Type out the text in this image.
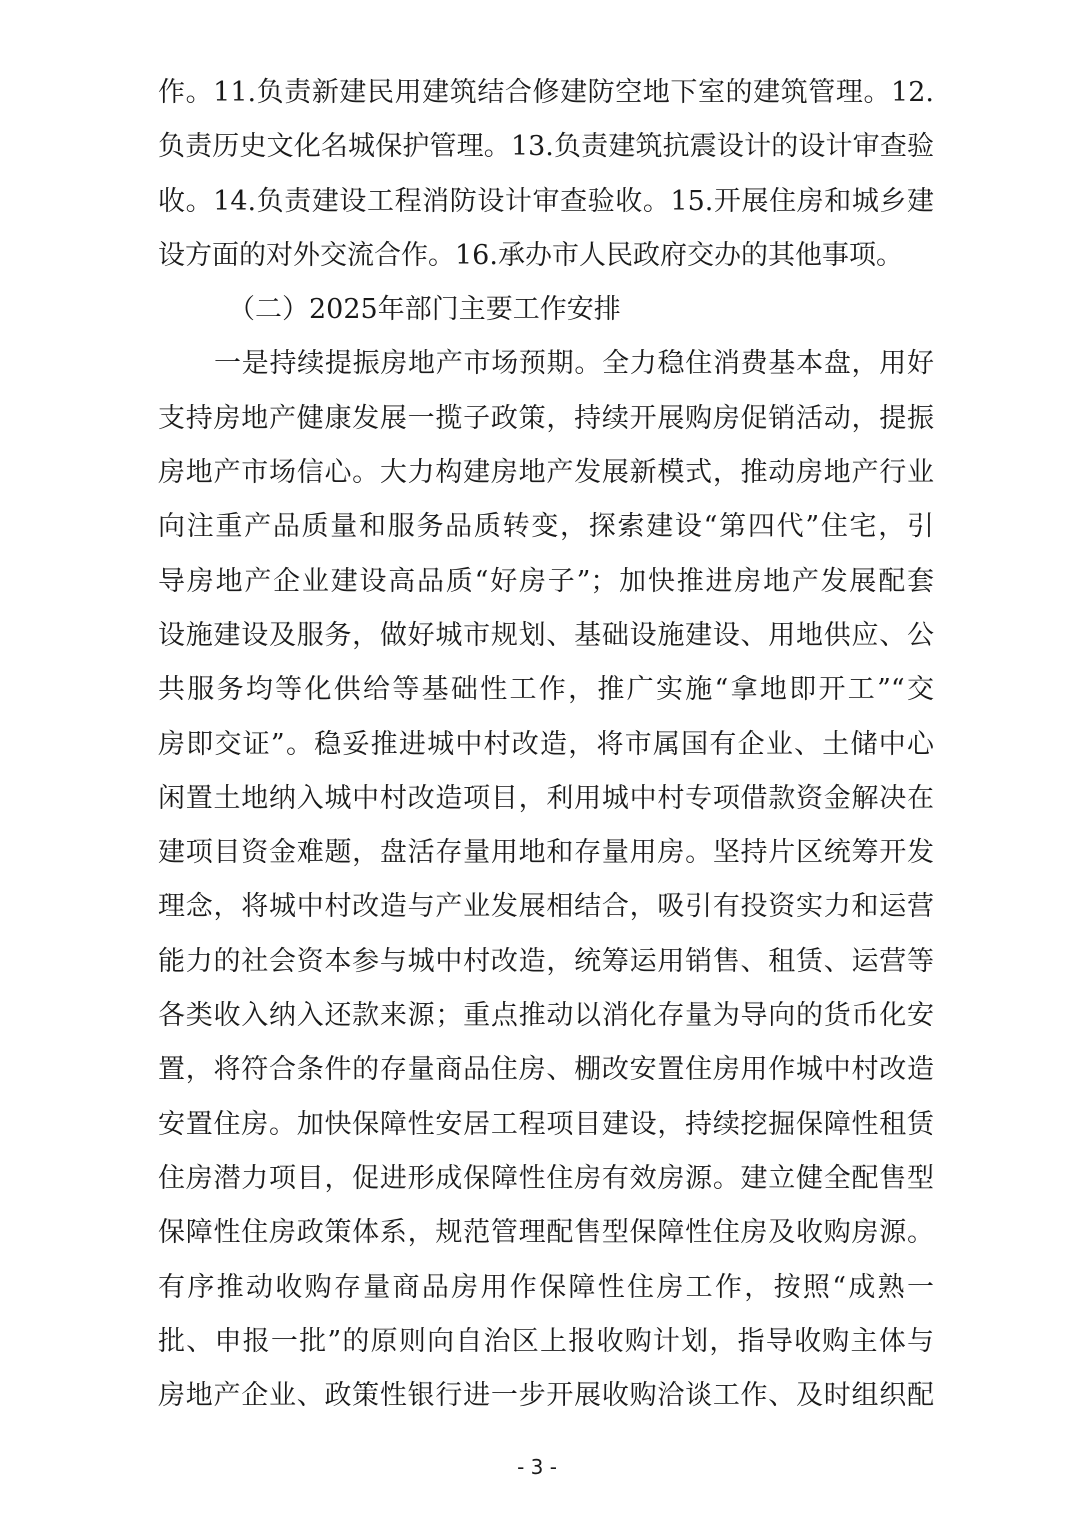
作。11.负责新建民用建筑结合修建防空地下室的建筑管理。12.
负责历史文化名城保护管理。13.负责建筑抗震设计的设计审查验
收。14.负责建设工程消防设计审查验收。15.开展住房和城乡建
设方面的对外交流合作。16.承办市人民政府交办的其他事项。
（二）2025年部门主要工作安排
一是持续提振房地产市场预期。全力稳住消费基本盘，用好
支持房地产健康发展一揽子政策，持续开展购房促销活动，提振
房地产市场信心。大力构建房地产发展新模式，推动房地产行业
向注重产品质量和服务品质转变，探索建设“第四代”住宅，引
导房地产企业建设高品质“好房子”；加快推进房地产发展配套
设施建设及服务，做好城市规划、基础设施建设、用地供应、公
共服务均等化供给等基础性工作，推广实施“拿地即开工”“交
房即交证”。稳妥推进城中村改造，将市属国有企业、土储中心
闲置土地纳入城中村改造项目，利用城中村专项借款资金解决在
建项目资金难题，盘活存量用地和存量用房。坚持片区统筹开发
理念，将城中村改造与产业发展相结合，吸引有投资实力和运营
能力的社会资本参与城中村改造，统筹运用销售、租赁、运营等
各类收入纳入还款来源；重点推动以消化存量为导向的货币化安
置，将符合条件的存量商品住房、棚改安置住房用作城中村改造
安置住房。加快保障性安居工程项目建设，持续挖掘保障性租赁
住房潜力项目，促进形成保障性住房有效房源。建立健全配售型
保障性住房政策体系，规范管理配售型保障性住房及收购房源。
有序推动收购存量商品房用作保障性住房工作，按照“成熟一
批、申报一批”的原则向自治区上报收购计划，指导收购主体与
房地产企业、政策性银行进一步开展收购洽谈工作、及时组织配
- 3 -
